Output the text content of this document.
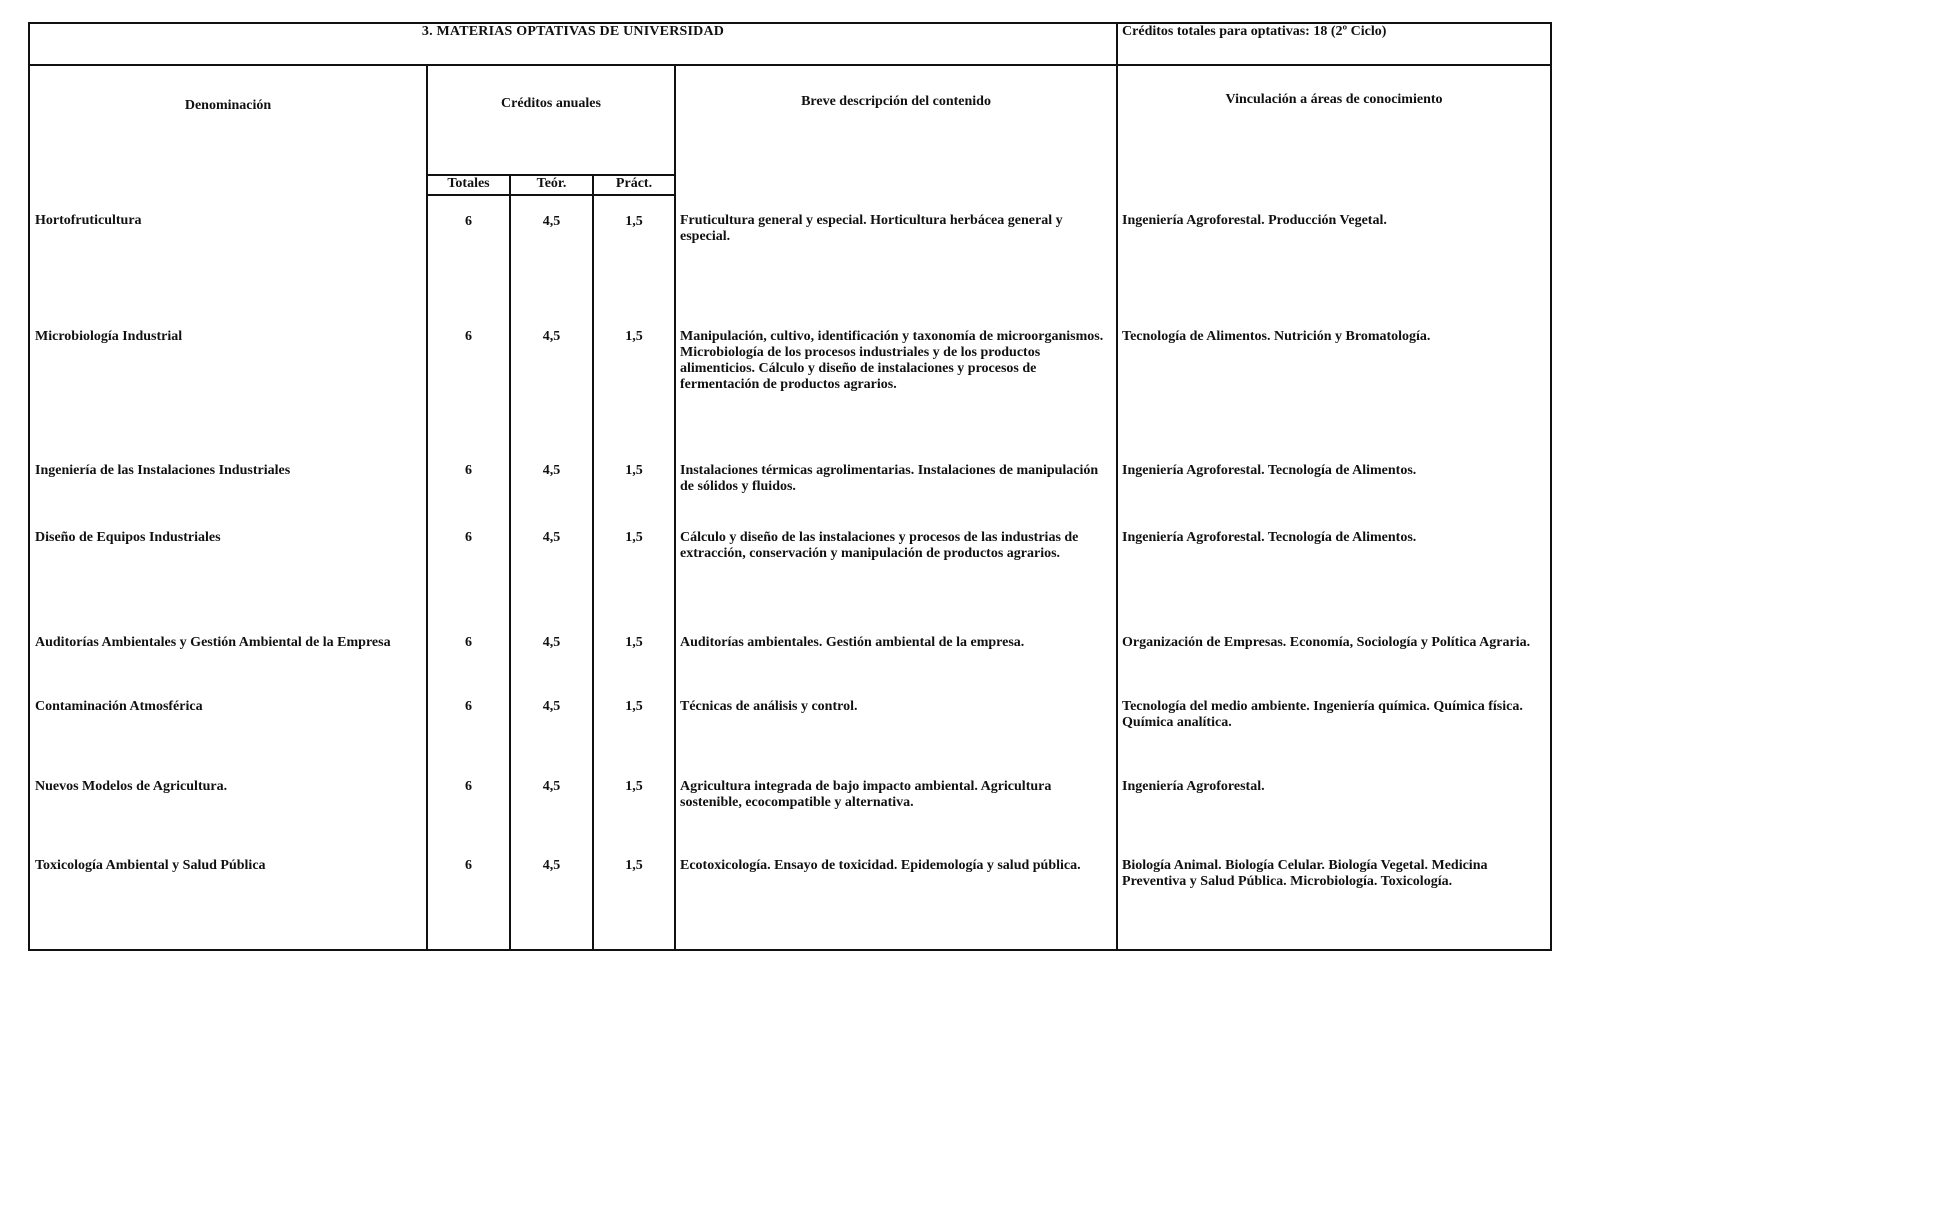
3. MATERIAS OPTATIVAS DE UNIVERSIDAD					Créditos totales para optativas: 18 (2º Ciclo)
Denominación	Créditos anuales			Breve descripción del contenido	Vinculación a áreas de conocimiento
	Totales	Teór.	Práct.		
Hortofruticultura	6	4,5	1,5	Fruticultura general y especial. Horticultura herbácea general y especial.	Ingeniería Agroforestal. Producción Vegetal.
Microbiología Industrial	6	4,5	1,5	Manipulación, cultivo, identificación y taxonomía de microorganismos. Microbiología de los procesos industriales y de los productos alimenticios. Cálculo y diseño de instalaciones y procesos de fermentación de productos agrarios.	Tecnología de Alimentos. Nutrición y Bromatología.
Ingeniería de las Instalaciones Industriales	6	4,5	1,5	Instalaciones térmicas agrolimentarias. Instalaciones de manipulación de sólidos y fluidos.	Ingeniería Agroforestal. Tecnología de Alimentos.
Diseño de Equipos Industriales	6	4,5	1,5	Cálculo y diseño de las instalaciones y procesos de las industrias de extracción, conservación y manipulación de productos agrarios.	Ingeniería Agroforestal. Tecnología de Alimentos.
Auditorías Ambientales y Gestión Ambiental de la Empresa	6	4,5	1,5	Auditorías ambientales. Gestión ambiental de la empresa.	Organización de Empresas. Economía, Sociología y Política Agraria.
Contaminación Atmosférica	6	4,5	1,5	Técnicas de análisis y control.	Tecnología del medio ambiente. Ingeniería química. Química física. Química analítica.
Nuevos Modelos de Agricultura.	6	4,5	1,5	Agricultura integrada de bajo impacto ambiental. Agricultura sostenible, ecocompatible y alternativa.	Ingeniería Agroforestal.
Toxicología Ambiental y Salud Pública	6	4,5	1,5	Ecotoxicología. Ensayo de toxicidad. Epidemología y salud pública.	Biología Animal. Biología Celular. Biología Vegetal. Medicina Preventiva y Salud Pública. Microbiología. Toxicología.
